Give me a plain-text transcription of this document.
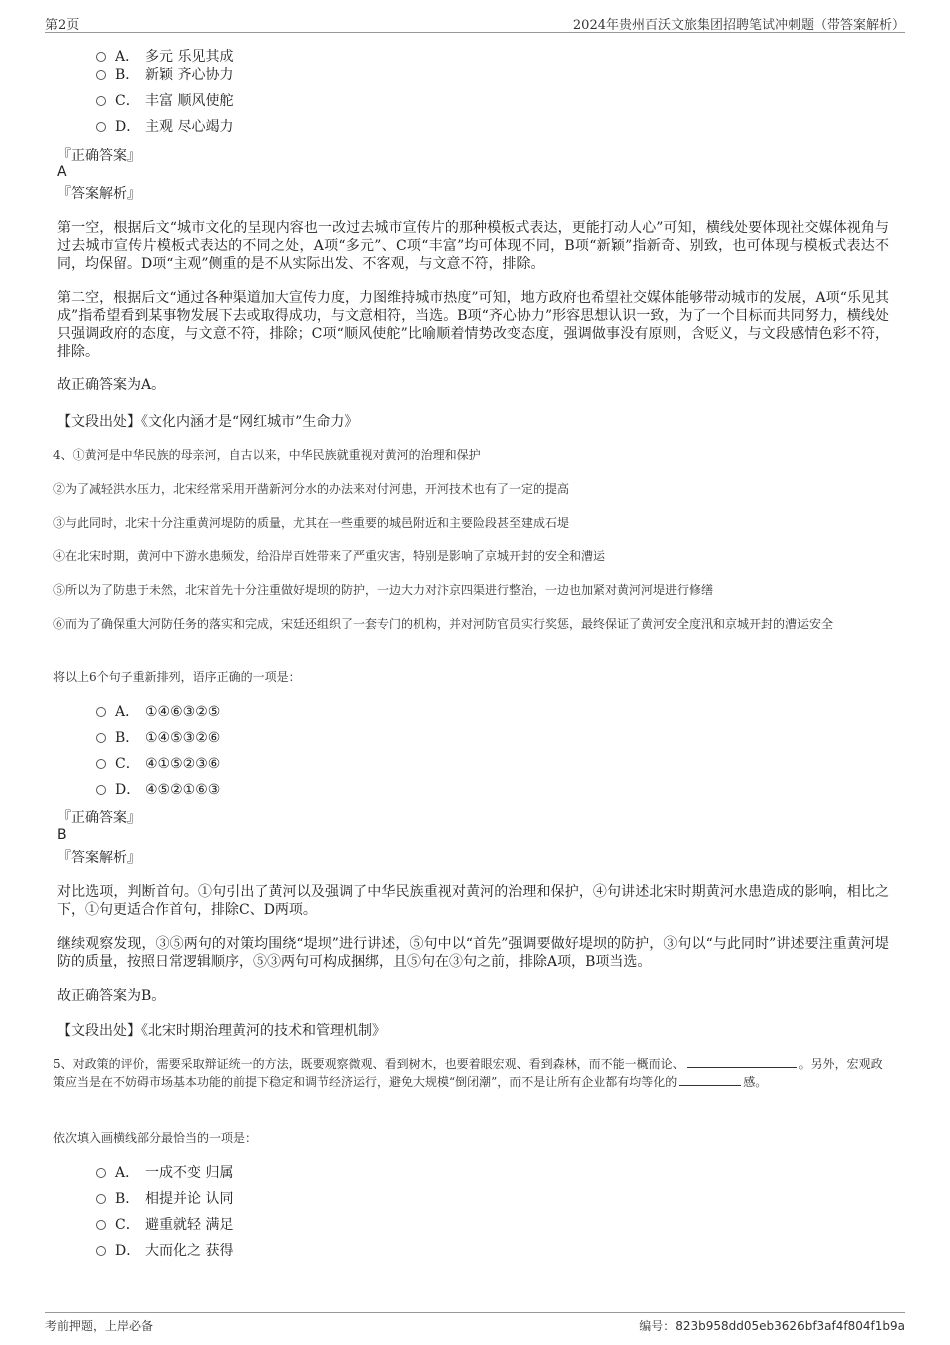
第2页	2024年贵州百沃文旅集团招聘笔试冲刺题（带答案解析）
A． 多元 乐见其成
B． 新颖 齐心协力
C． 丰富 顺风使舵
D． 主观 尽心竭力
『正确答案』
A
『答案解析』
第一空，根据后文“城市文化的呈现内容也一改过去城市宣传片的那种模板式表达，更能打动人心”可知，横线处要体现社交媒体视角与过去城市宣传片模板式表达的不同之处，A项“多元”、C项“丰富”均可体现不同，B项“新颖”指新奇、别致，也可体现与模板式表达不同，均保留。D项“主观”侧重的是不从实际出发、不客观，与文意不符，排除。
第二空，根据后文“通过各种渠道加大宣传力度，力图维持城市热度”可知，地方政府也希望社交媒体能够带动城市的发展，A项“乐见其成”指希望看到某事物发展下去或取得成功，与文意相符，当选。B项“齐心协力”形容思想认识一致，为了一个目标而共同努力，横线处只强调政府的态度，与文意不符，排除；C项“顺风使舵”比喻顺着情势改变态度，强调做事没有原则，含贬义，与文段感情色彩不符，排除。
故正确答案为A。
【文段出处】《文化内涵才是“网红城市”生命力》
4、①黄河是中华民族的母亲河，自古以来，中华民族就重视对黄河的治理和保护
②为了减轻洪水压力，北宋经常采用开凿新河分水的办法来对付河患，开河技术也有了一定的提高
③与此同时，北宋十分注重黄河堤防的质量，尤其在一些重要的城邑附近和主要险段甚至建成石堤
④在北宋时期，黄河中下游水患频发，给沿岸百姓带来了严重灾害，特别是影响了京城开封的安全和漕运
⑤所以为了防患于未然，北宋首先十分注重做好堤坝的防护，一边大力对汴京四渠进行整治，一边也加紧对黄河河堤进行修缮
⑥而为了确保重大河防任务的落实和完成，宋廷还组织了一套专门的机构，并对河防官员实行奖惩，最终保证了黄河安全度汛和京城开封的漕运安全
将以上6个句子重新排列，语序正确的一项是：
A． ①④⑥③②⑤
B． ①④⑤③②⑥
C． ④①⑤②③⑥
D． ④⑤②①⑥③
『正确答案』
B
『答案解析』
对比选项，判断首句。①句引出了黄河以及强调了中华民族重视对黄河的治理和保护，④句讲述北宋时期黄河水患造成的影响，相比之下，①句更适合作首句，排除C、D两项。
继续观察发现，③⑤两句的对策均围绕“堤坝”进行讲述，⑤句中以“首先”强调要做好堤坝的防护，③句以“与此同时”讲述要注重黄河堤防的质量，按照日常逻辑顺序，⑤③两句可构成捆绑，且⑤句在③句之前，排除A项，B项当选。
故正确答案为B。
【文段出处】《北宋时期治理黄河的技术和管理机制》
5、对政策的评价，需要采取辩证统一的方法，既要观察微观、看到树木，也要着眼宏观、看到森林，而不能一概而论、	。另外，宏观政策应当是在不妨碍市场基本功能的前提下稳定和调节经济运行，避免大规模“倒闭潮”，而不是让所有企业都有均等化的	感。
依次填入画横线部分最恰当的一项是：
A． 一成不变 归属
B． 相提并论 认同
C． 避重就轻 满足
D． 大而化之 获得
考前押题，上岸必备	编号：823b958dd05eb3626bf3af4f804f1b9a
